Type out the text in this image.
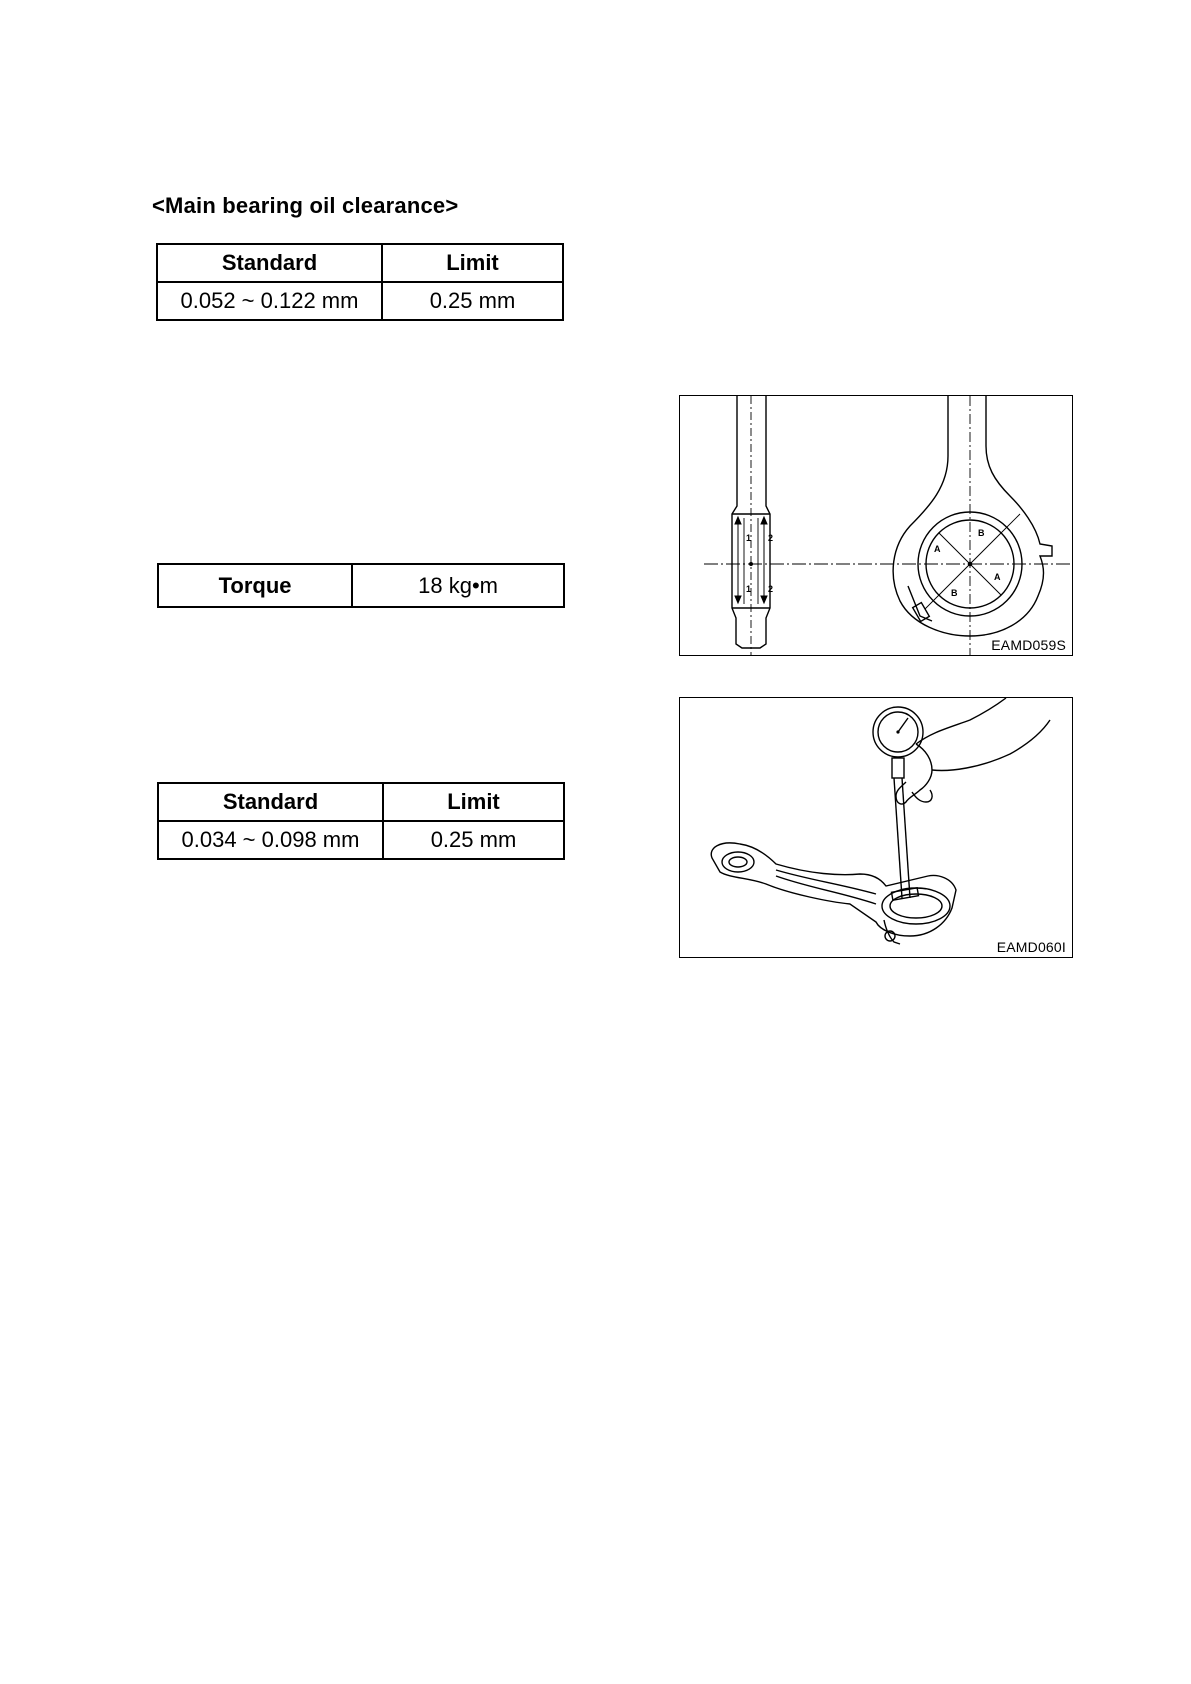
<Main bearing oil clearance>
Standard	Limit
0.052 ~ 0.122 mm	0.25 mm
Torque	18 kg•m
Standard	Limit
0.034 ~ 0.098 mm	0.25 mm
1 2
1 2
A
B
B
A
EAMD059S
EAMD060I
